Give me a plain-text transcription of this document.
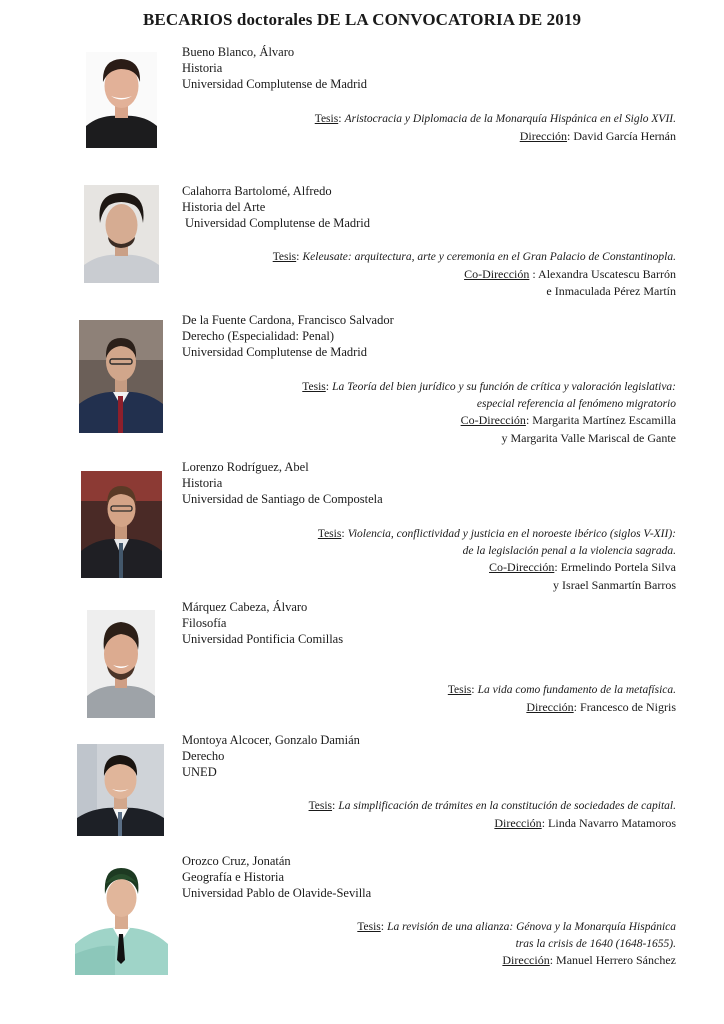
BECARIOS doctorales DE LA CONVOCATORIA DE 2019
Bueno Blanco, Álvaro
Historia
Universidad Complutense de Madrid
Tesis: Aristocracia y Diplomacia de la Monarquía Hispánica en el Siglo XVII.
Dirección: David García Hernán
Calahorra Bartolomé, Alfredo
Historia del Arte
Universidad Complutense de Madrid
Tesis: Keleusate: arquitectura, arte y ceremonia en el Gran Palacio de Constantinopla.
Co-Dirección : Alexandra Uscatescu Barrón
e Inmaculada Pérez Martín
De la Fuente Cardona, Francisco Salvador
Derecho (Especialidad: Penal)
Universidad Complutense de Madrid
Tesis: La Teoría del bien jurídico y su función de crítica y valoración legislativa:
especial referencia al fenómeno migratorio
Co-Dirección: Margarita Martínez Escamilla
y Margarita Valle Mariscal de Gante
Lorenzo Rodríguez, Abel
Historia
Universidad de Santiago de Compostela
Tesis: Violencia, conflictividad y justicia en el noroeste ibérico (siglos V-XII):
de la legislación penal a la violencia sagrada.
Co-Dirección: Ermelindo Portela Silva
y Israel Sanmartín Barros
Márquez Cabeza, Álvaro
Filosofía
Universidad Pontificia Comillas
Tesis: La vida como fundamento de la metafísica.
Dirección: Francesco de Nigris
Montoya Alcocer, Gonzalo Damián
Derecho
UNED
Tesis: La simplificación de trámites en la constitución de sociedades de capital.
Dirección: Linda Navarro Matamoros
Orozco Cruz, Jonatán
Geografía e Historia
Universidad Pablo de Olavide-Sevilla
Tesis: La revisión de una alianza: Génova y la Monarquía Hispánica
tras la crisis de 1640 (1648-1655).
Dirección: Manuel Herrero Sánchez
